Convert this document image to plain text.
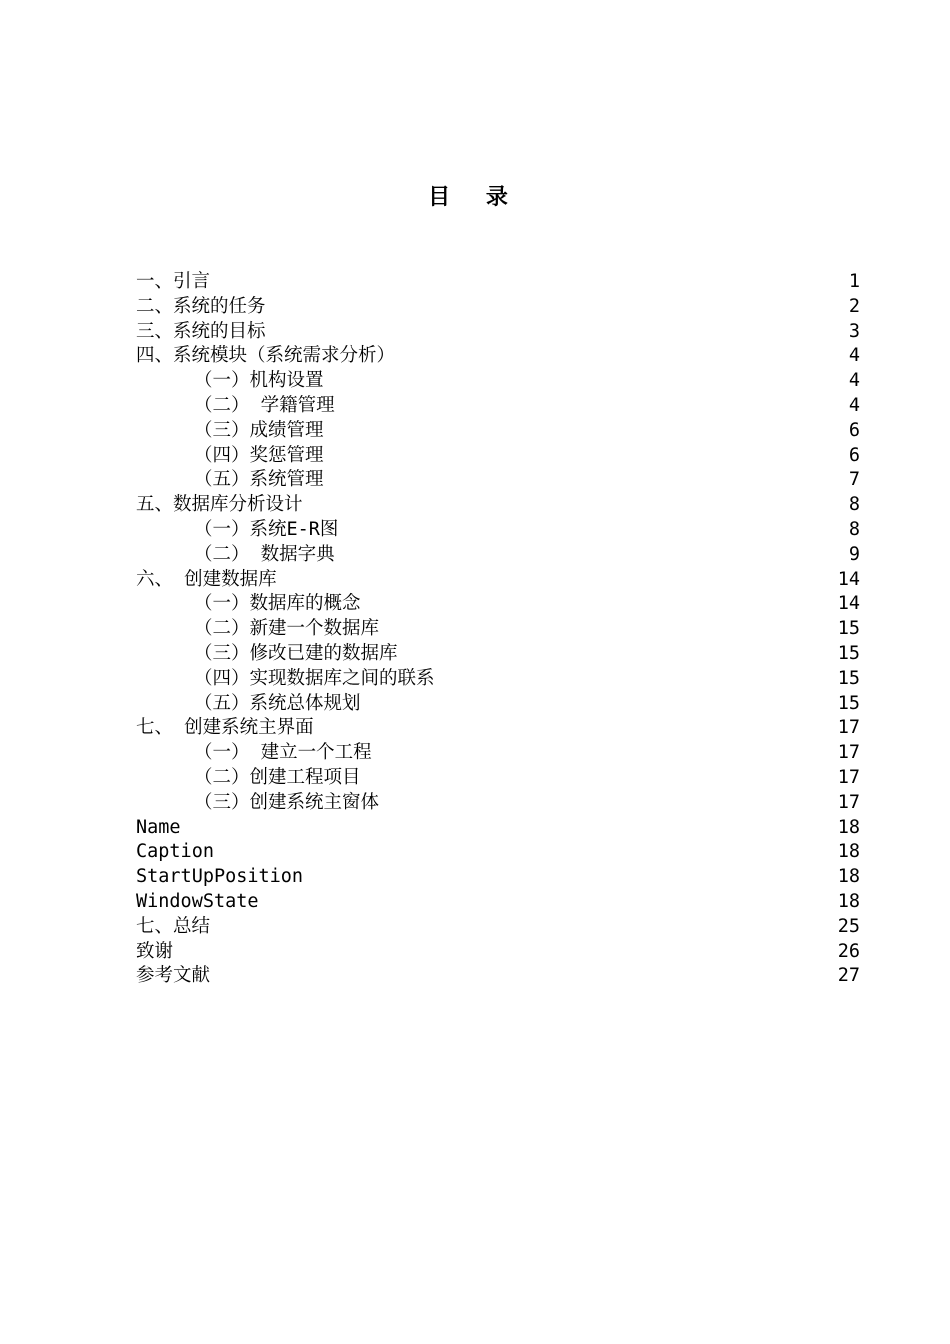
目 录
一、引言	1
二、系统的任务	2
三、系统的目标	3
四、系统模块（系统需求分析）	4
（一）机构设置	4
（二） 学籍管理	4
（三）成绩管理	6
（四）奖惩管理	6
（五）系统管理	7
五、数据库分析设计	8
（一）系统E-R图	8
（二） 数据字典	9
六、 创建数据库	14
（一）数据库的概念	14
（二）新建一个数据库	15
（三）修改已建的数据库	15
（四）实现数据库之间的联系	15
（五）系统总体规划	15
七、 创建系统主界面	17
（一） 建立一个工程	17
（二）创建工程项目	17
（三）创建系统主窗体	17
Name	18
Caption	18
StartUpPosition	18
WindowState	18
七、总结	25
致谢	26
参考文献	27
